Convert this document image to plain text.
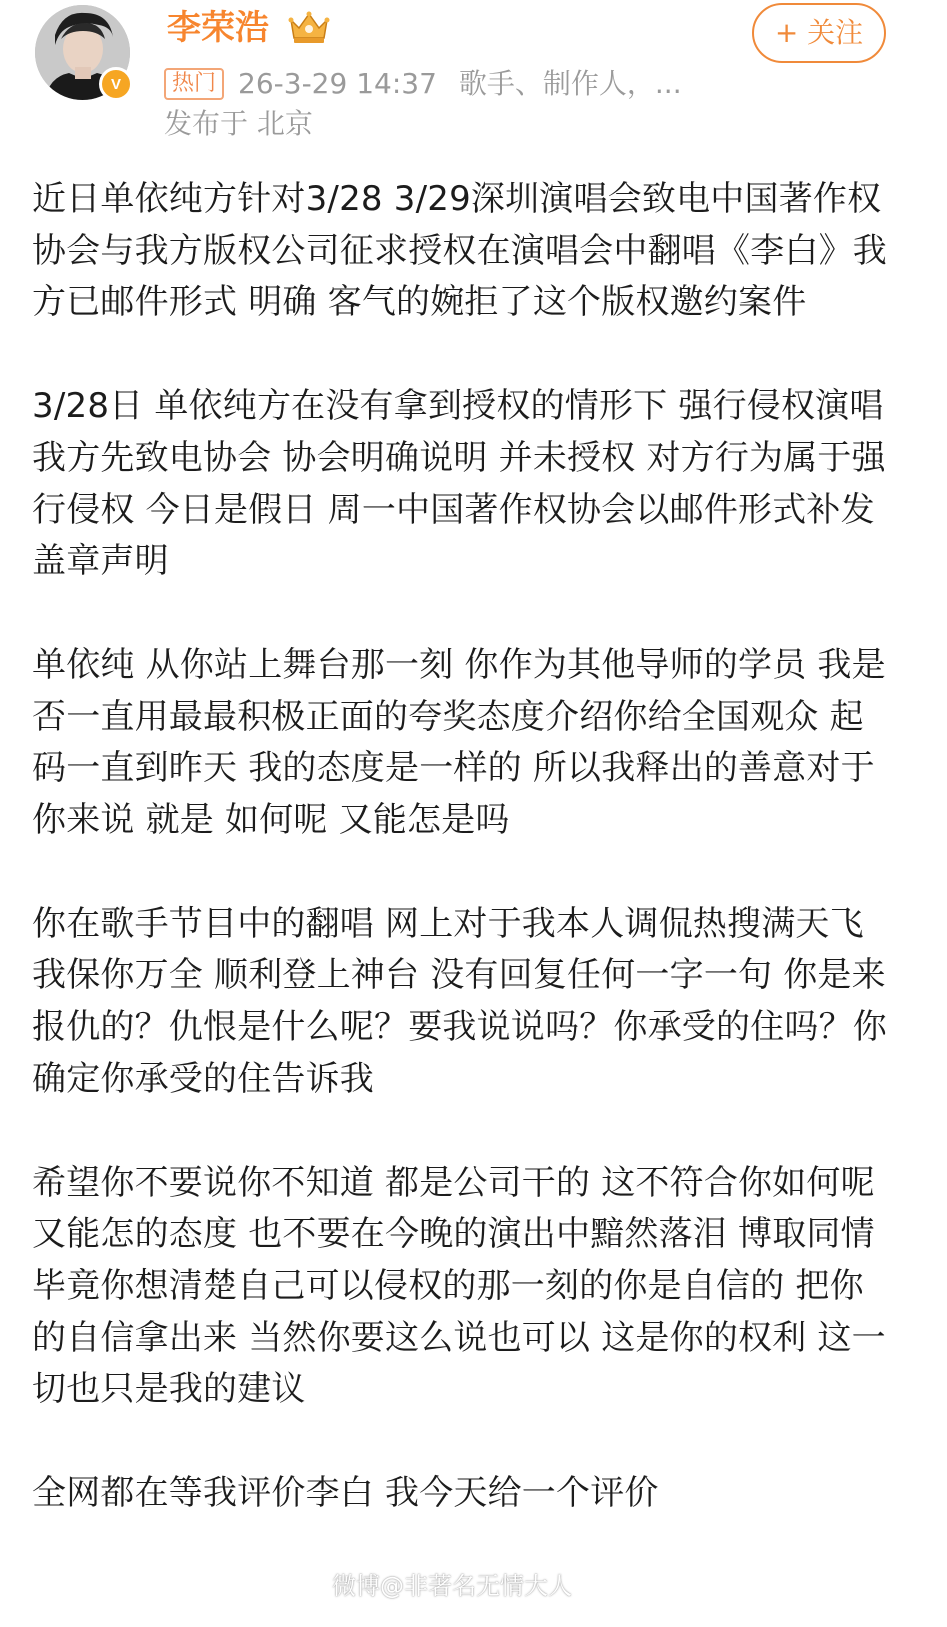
V
李荣浩	+ 关注
热门 26-3-29 14:37 歌手、制作人，...
发布于 北京

近日单依纯方针对3/28 3/29深圳演唱会致电中国著作权协会与我方版权公司征求授权在演唱会中翻唱《李白》我方已邮件形式 明确 客气的婉拒了这个版权邀约案件

3/28日 单依纯方在没有拿到授权的情形下 强行侵权演唱 我方先致电协会 协会明确说明 并未授权 对方行为属于强行侵权 今日是假日 周一中国著作权协会以邮件形式补发盖章声明

单依纯 从你站上舞台那一刻 你作为其他导师的学员 我是否一直用最最积极正面的夸奖态度介绍你给全国观众 起码一直到昨天 我的态度是一样的 所以我释出的善意对于你来说 就是 如何呢 又能怎是吗

你在歌手节目中的翻唱 网上对于我本人调侃热搜满天飞 我保你万全 顺利登上神台 没有回复任何一字一句 你是来报仇的？仇恨是什么呢？要我说说吗？你承受的住吗？你确定你承受的住告诉我

希望你不要说你不知道 都是公司干的 这不符合你如何呢 又能怎的态度 也不要在今晚的演出中黯然落泪 博取同情 毕竟你想清楚自己可以侵权的那一刻的你是自信的 把你的自信拿出来 当然你要这么说也可以 这是你的权利 这一切也只是我的建议

全网都在等我评价李白 我今天给一个评价

微博@非著名无情大人
